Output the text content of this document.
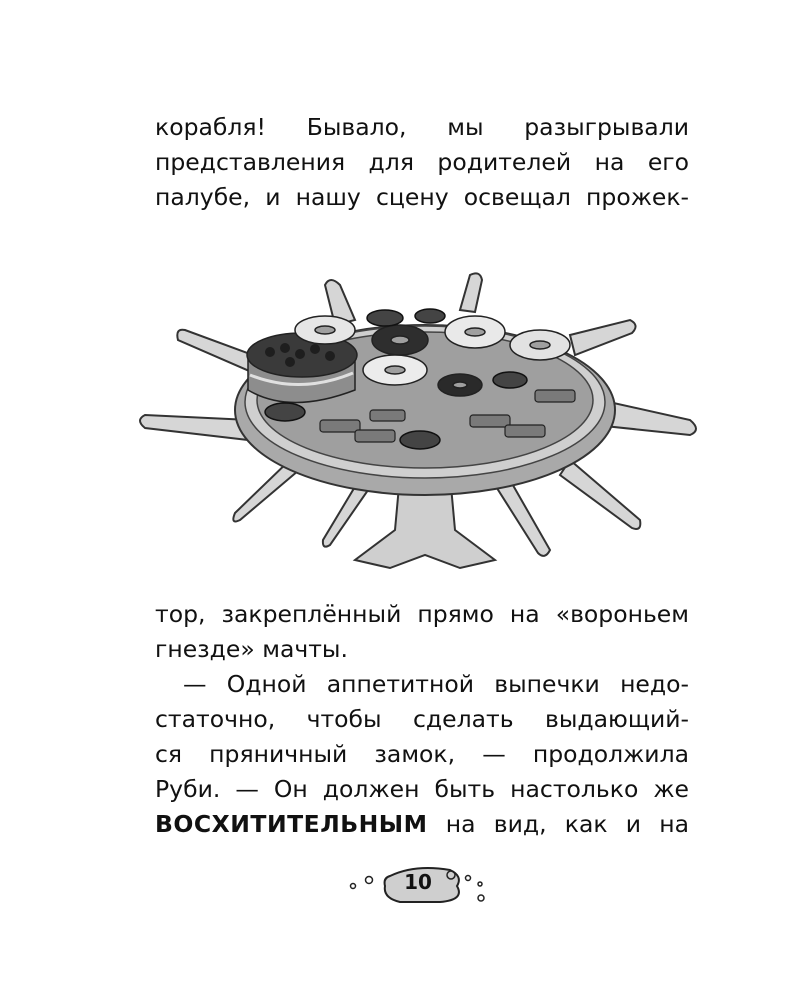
корабля! Бывало, мы разыгрывали
представления для родителей на его
палубе, и нашу сцену освещал прожек-
тор, закреплённый прямо на «вороньем
гнезде» мачты.
— Одной аппетитной выпечки недо-
статочно, чтобы сделать выдающий-
ся пряничный замок, — продолжила
Руби. — Он должен быть настолько же
ВОСХИТИТЕЛЬНЫМ на вид, как и на
10
